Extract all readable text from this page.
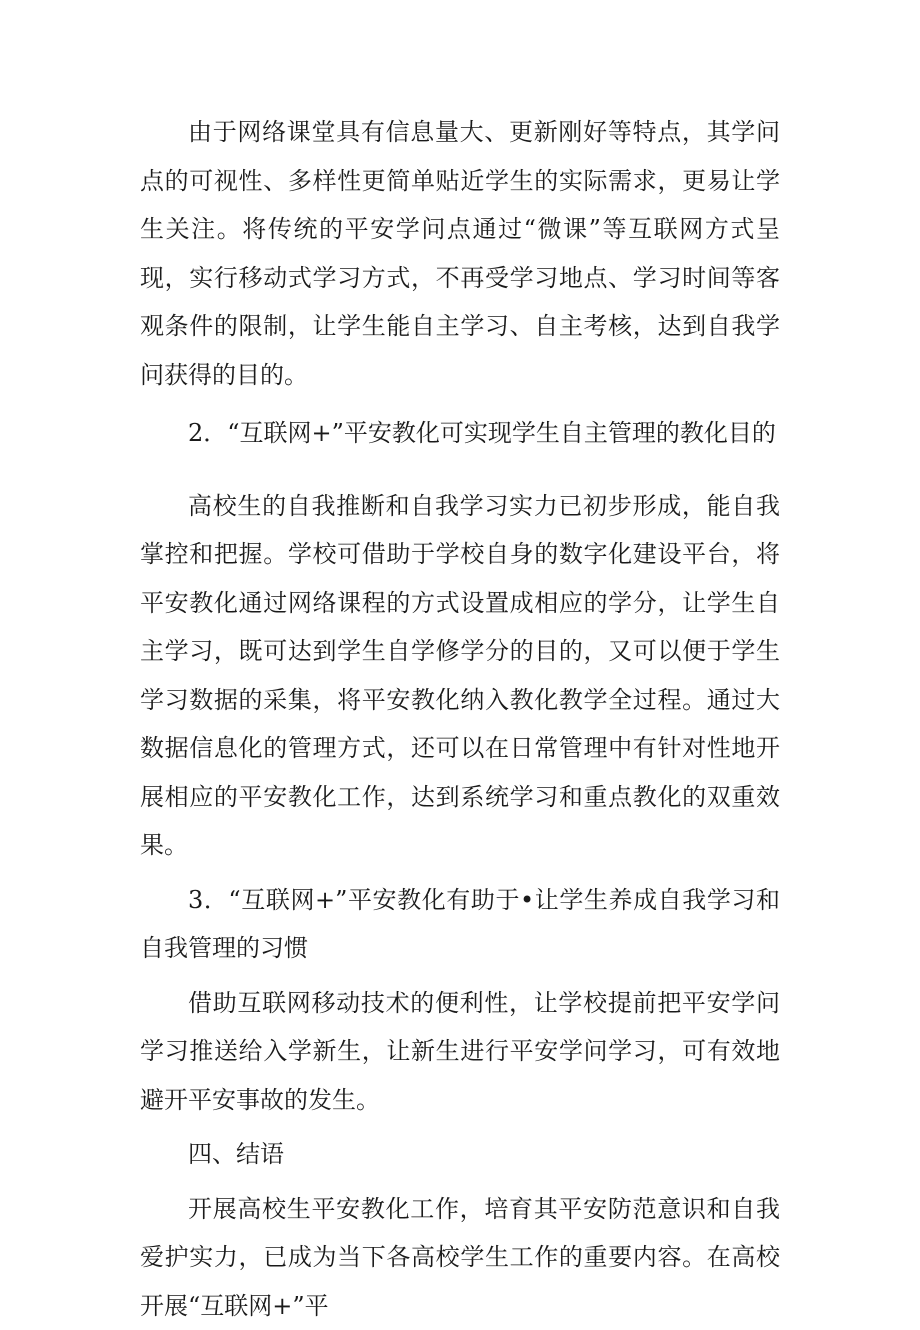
由于网络课堂具有信息量大、更新刚好等特点，其学问点的可视性、多样性更简单贴近学生的实际需求，更易让学生关注。将传统的平安学问点通过“微课”等互联网方式呈现，实行移动式学习方式，不再受学习地点、学习时间等客观条件的限制，让学生能自主学习、自主考核，达到自我学问获得的目的。

2．“互联网+”平安教化可实现学生自主管理的教化目的

高校生的自我推断和自我学习实力已初步形成，能自我掌控和把握。学校可借助于学校自身的数字化建设平台，将平安教化通过网络课程的方式设置成相应的学分，让学生自主学习，既可达到学生自学修学分的目的，又可以便于学生学习数据的采集，将平安教化纳入教化教学全过程。通过大数据信息化的管理方式，还可以在日常管理中有针对性地开展相应的平安教化工作，达到系统学习和重点教化的双重效果。

3．“互联网+”平安教化有助于•让学生养成自我学习和自我管理的习惯

借助互联网移动技术的便利性，让学校提前把平安学问学习推送给入学新生，让新生进行平安学问学习，可有效地避开平安事故的发生。

四、结语

开展高校生平安教化工作，培育其平安防范意识和自我爱护实力，已成为当下各高校学生工作的重要内容。在高校开展“互联网+”平
